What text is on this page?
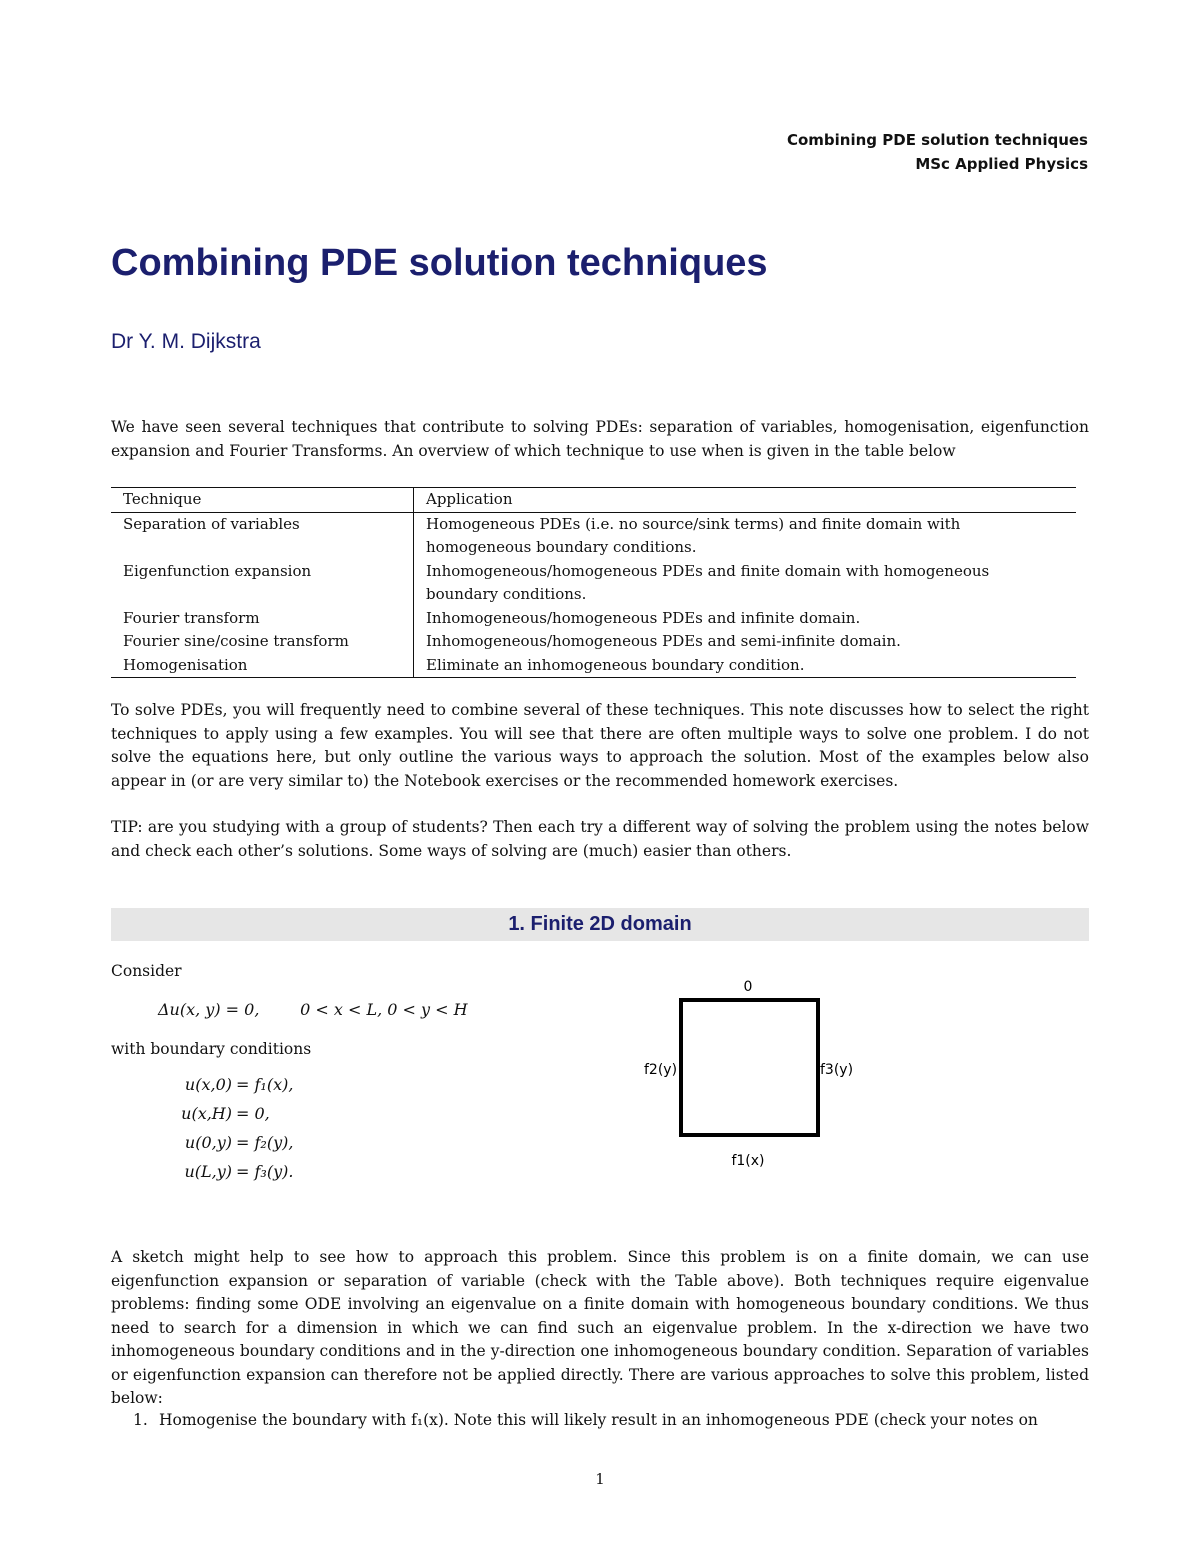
Combining PDE solution techniques
MSc Applied Physics
Combining PDE solution techniques

Dr Y. M. Dijkstra

We have seen several techniques that contribute to solving PDEs: separation of variables, homogenisation, eigenfunction expansion and Fourier Transforms. An overview of which technique to use when is given in the table below

Technique	Application
Separation of variables	Homogeneous PDEs (i.e. no source/sink terms) and finite domain with homogeneous boundary conditions.
Eigenfunction expansion	Inhomogeneous/homogeneous PDEs and finite domain with homogeneous boundary conditions.
Fourier transform	Inhomogeneous/homogeneous PDEs and infinite domain.
Fourier sine/cosine transform	Inhomogeneous/homogeneous PDEs and semi-infinite domain.
Homogenisation	Eliminate an inhomogeneous boundary condition.

To solve PDEs, you will frequently need to combine several of these techniques. This note discusses how to select the right techniques to apply using a few examples. You will see that there are often multiple ways to solve one problem. I do not solve the equations here, but only outline the various ways to approach the solution. Most of the examples below also appear in (or are very similar to) the Notebook exercises or the recommended homework exercises.

TIP: are you studying with a group of students? Then each try a different way of solving the problem using the notes below and check each other’s solutions. Some ways of solving are (much) easier than others.

1. Finite 2D domain

Consider

Δu(x, y) = 0,        0 < x < L, 0 < y < H

with boundary conditions

u(x,0) = f₁(x),
u(x,H) = 0,
u(0,y) = f₂(y),
u(L,y) = f₃(y).
0
f2(y)	f3(y)
f1(x)

A sketch might help to see how to approach this problem. Since this problem is on a finite domain, we can use eigenfunction expansion or separation of variable (check with the Table above). Both techniques require eigenvalue problems: finding some ODE involving an eigenvalue on a finite domain with homogeneous boundary conditions. We thus need to search for a dimension in which we can find such an eigenvalue problem. In the x-direction we have two inhomogeneous boundary conditions and in the y-direction one inhomogeneous boundary condition. Separation of variables or eigenfunction expansion can therefore not be applied directly. There are various approaches to solve this problem, listed below:

1. Homogenise the boundary with f₁(x). Note this will likely result in an inhomogeneous PDE (check your notes on

1
